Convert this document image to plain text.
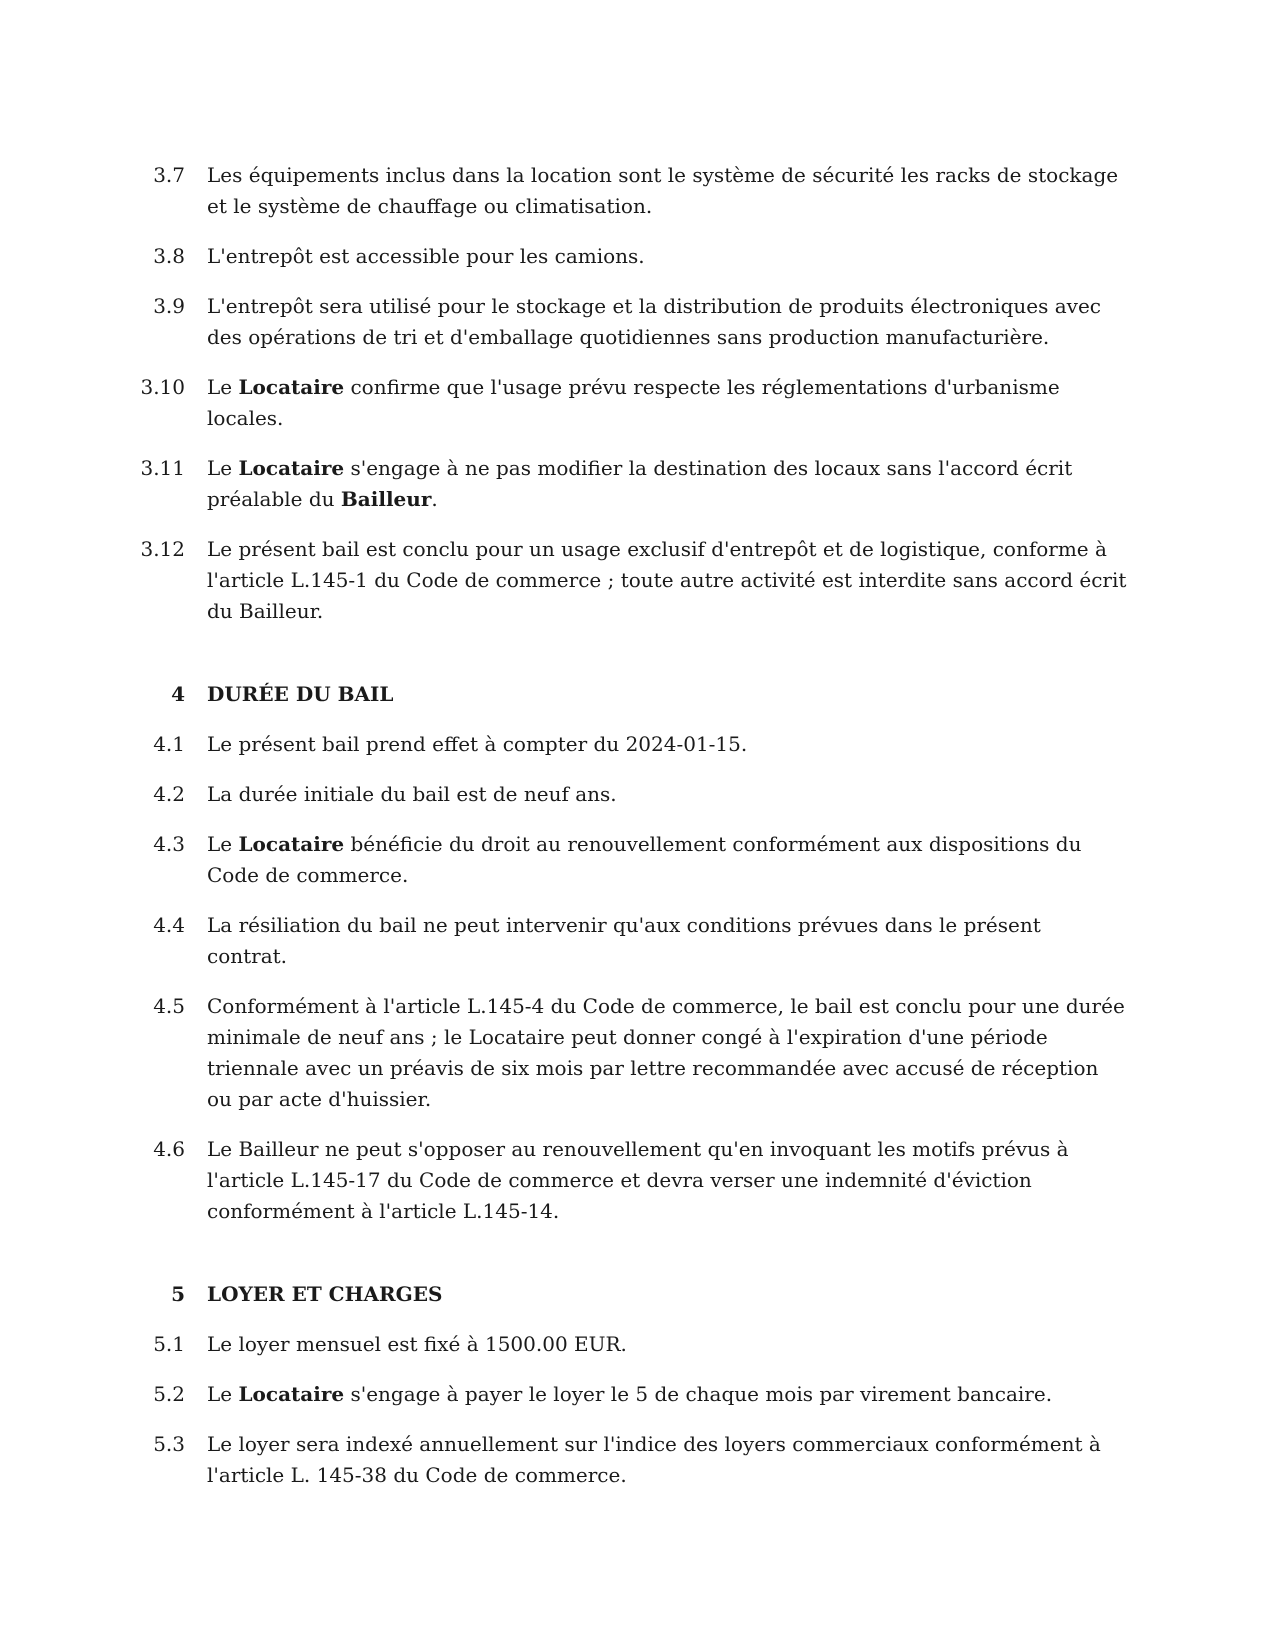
3.7 Les équipements inclus dans la location sont le système de sécurité les racks de stockage et le système de chauffage ou climatisation.
3.8 L'entrepôt est accessible pour les camions.
3.9 L'entrepôt sera utilisé pour le stockage et la distribution de produits électroniques avec des opérations de tri et d'emballage quotidiennes sans production manufacturière.
3.10 Le Locataire confirme que l'usage prévu respecte les réglementations d'urbanisme locales.
3.11 Le Locataire s'engage à ne pas modifier la destination des locaux sans l'accord écrit préalable du Bailleur.
3.12 Le présent bail est conclu pour un usage exclusif d'entrepôt et de logistique, conforme à l'article L.145-1 du Code de commerce ; toute autre activité est interdite sans accord écrit du Bailleur.
4 DURÉE DU BAIL
4.1 Le présent bail prend effet à compter du 2024-01-15.
4.2 La durée initiale du bail est de neuf ans.
4.3 Le Locataire bénéficie du droit au renouvellement conformément aux dispositions du Code de commerce.
4.4 La résiliation du bail ne peut intervenir qu'aux conditions prévues dans le présent contrat.
4.5 Conformément à l'article L.145-4 du Code de commerce, le bail est conclu pour une durée minimale de neuf ans ; le Locataire peut donner congé à l'expiration d'une période triennale avec un préavis de six mois par lettre recommandée avec accusé de réception ou par acte d'huissier.
4.6 Le Bailleur ne peut s'opposer au renouvellement qu'en invoquant les motifs prévus à l'article L.145-17 du Code de commerce et devra verser une indemnité d'éviction conformément à l'article L.145-14.
5 LOYER ET CHARGES
5.1 Le loyer mensuel est fixé à 1500.00 EUR.
5.2 Le Locataire s'engage à payer le loyer le 5 de chaque mois par virement bancaire.
5.3 Le loyer sera indexé annuellement sur l'indice des loyers commerciaux conformément à l'article L. 145-38 du Code de commerce.
